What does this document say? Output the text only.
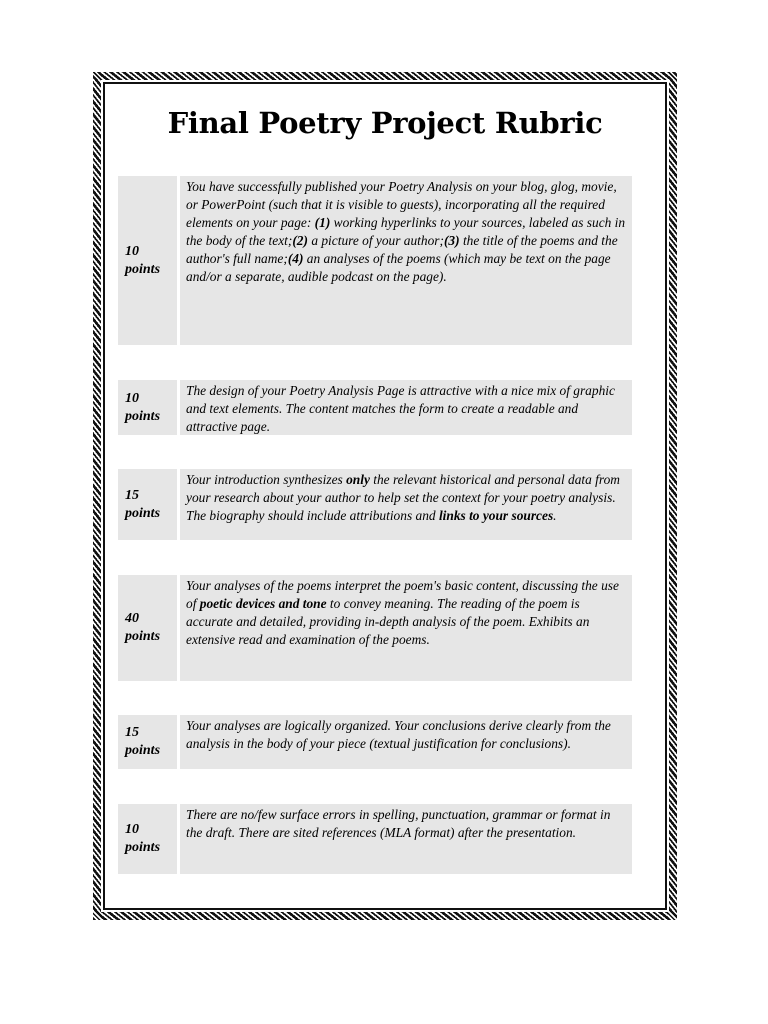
Final Poetry Project Rubric
10 points
You have successfully published your Poetry Analysis on your blog, glog, movie, or PowerPoint (such that it is visible to guests), incorporating all the required elements on your page: (1) working hyperlinks to your sources, labeled as such in the body of the text;(2) a picture of your author;(3) the title of the poems and the author's full name;(4) an analyses of the poems (which may be text on the page and/or a separate, audible podcast on the page).
10 points
The design of your Poetry Analysis Page is attractive with a nice mix of graphic and text elements. The content matches the form to create a readable and attractive page.
15 points
Your introduction synthesizes only the relevant historical and personal data from your research about your author to help set the context for your poetry analysis. The biography should include attributions and links to your sources.
40 points
Your analyses of the poems interpret the poem's basic content, discussing the use of poetic devices and tone to convey meaning. The reading of the poem is accurate and detailed, providing in-depth analysis of the poem. Exhibits an extensive read and examination of the poems.
15 points
Your analyses are logically organized. Your conclusions derive clearly from the analysis in the body of your piece (textual justification for conclusions).
10 points
There are no/few surface errors in spelling, punctuation, grammar or format in the draft. There are sited references (MLA format) after the presentation.
